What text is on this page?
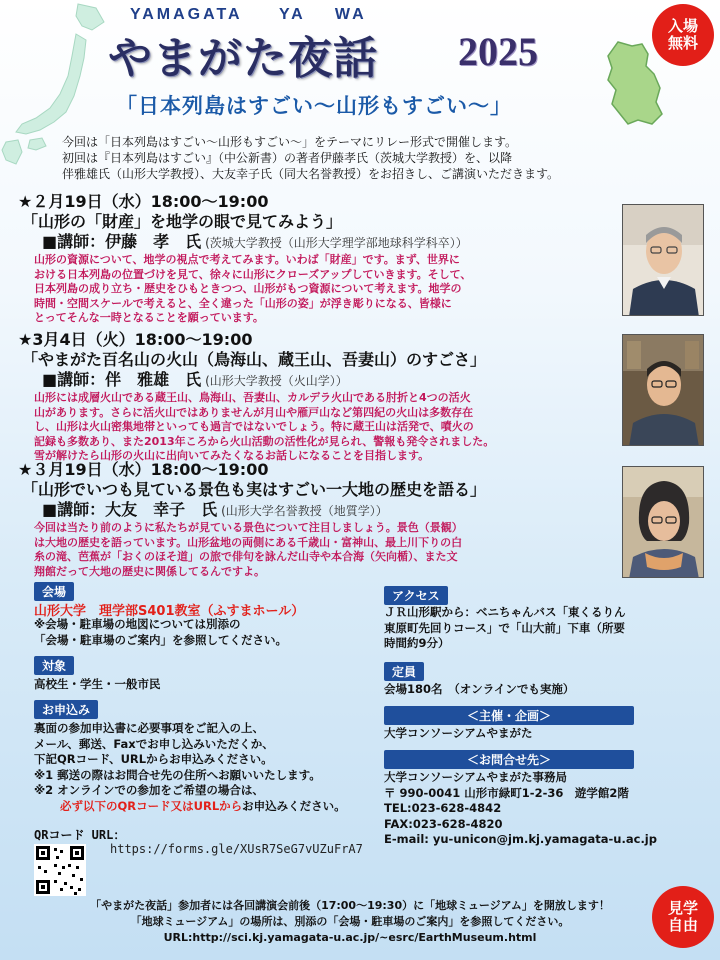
YAMAGATA     YA    WA
やまがた夜話 2025
入場
無料
「日本列島はすごい～山形もすごい～」
今回は「日本列島はすごい～山形もすごい～」をテーマにリレー形式で開催します。
初回は『日本列島はすごい』（中公新書）の著者伊藤孝氏（茨城大学教授）を、以降
伴雅雄氏（山形大学教授）、大友幸子氏（同大名誉教授）をお招きし、ご講演いただきます。
★２月19日（水）18:00～19:00
「山形の「財産」を地学の眼で見てみよう」
■講師：伊藤　孝　氏 (茨城大学教授（山形大学理学部地球科学科卒））
山形の資源について、地学の視点で考えてみます。いわば「財産」です。まず、世界に
おける日本列島の位置づけを見て、徐々に山形にクローズアップしていきます。そして、
日本列島の成り立ち・歴史をひもときつつ、山形がもつ資源について考えます。地学の
時間・空間スケールで考えると、全く違った「山形の姿」が浮き彫りになる、皆様に
とってそんな一時となることを願っています。
★3月4日（火）18:00～19:00
「やまがた百名山の火山（鳥海山、蔵王山、吾妻山）のすごさ」
■講師：伴　雅雄　氏 (山形大学教授（火山学））
山形には成層火山である蔵王山、鳥海山、吾妻山、カルデラ火山である肘折と4つの活火
山があります。さらに活火山ではありませんが月山や雁戸山など第四紀の火山は多数存在
し、山形は火山密集地帯といっても過言ではないでしょう。特に蔵王山は活発で、噴火の
記録も多数あり、また2013年ころから火山活動の活性化が見られ、警報も発令されました。
雪が解けたら山形の火山に出向いてみたくなるお話しになることを目指します。
★３月19日（水）18:00～19:00
「山形でいつも見ている景色も実はすごい一大地の歴史を語る」
■講師：大友　幸子　氏 (山形大学名誉教授（地質学））
今回は当たり前のように私たちが見ている景色について注目しましょう。景色（景観）
は大地の歴史を語っています。山形盆地の両側にある千歳山・富神山、最上川下りの白
糸の滝、芭蕉が「おくのほそ道」の旅で俳句を詠んだ山寺や本合海（矢向楯）、また文
翔館だって大地の歴史に関係してるんですよ。
会場
山形大学　理学部S401教室（ふすまホール）
※会場・駐車場の地図については別添の
「会場・駐車場のご案内」を参照してください。
対象
高校生・学生・一般市民
お申込み
裏面の参加申込書に必要事項をご記入の上、
メール、郵送、Faxでお申し込みいただくか、
下記QRコード、URLからお申込みください。
※1 郵送の際はお問合せ先の住所へお願いいたします。
※2 オンラインでの参加をご希望の場合は、
必ず以下のQRコード又はURLからお申込みください。
QRコード URL：
https://forms.gle/XUsR7SeG7vUZuFrA7
アクセス
ＪＲ山形駅から：ベニちゃんバス「東くるりん
東原町先回りコース」で「山大前」下車（所要
時間約9分）
定員
会場180名　（オンラインでも実施）
＜主催・企画＞
大学コンソーシアムやまがた
＜お問合せ先＞
大学コンソーシアムやまがた事務局
〒 990-0041 山形市緑町1-2-36　遊学館2階
TEL:023-628-4842
FAX:023-628-4820
E-mail: yu-unicon@jm.kj.yamagata-u.ac.jp
「やまがた夜話」参加者には各回講演会前後（17:00～19:30）に「地球ミュージアム」を開放します！
「地球ミュージアム」の場所は、別添の「会場・駐車場のご案内」を参照してください。
URL:http://sci.kj.yamagata-u.ac.jp/~esrc/EarthMuseum.html
見学
自由
